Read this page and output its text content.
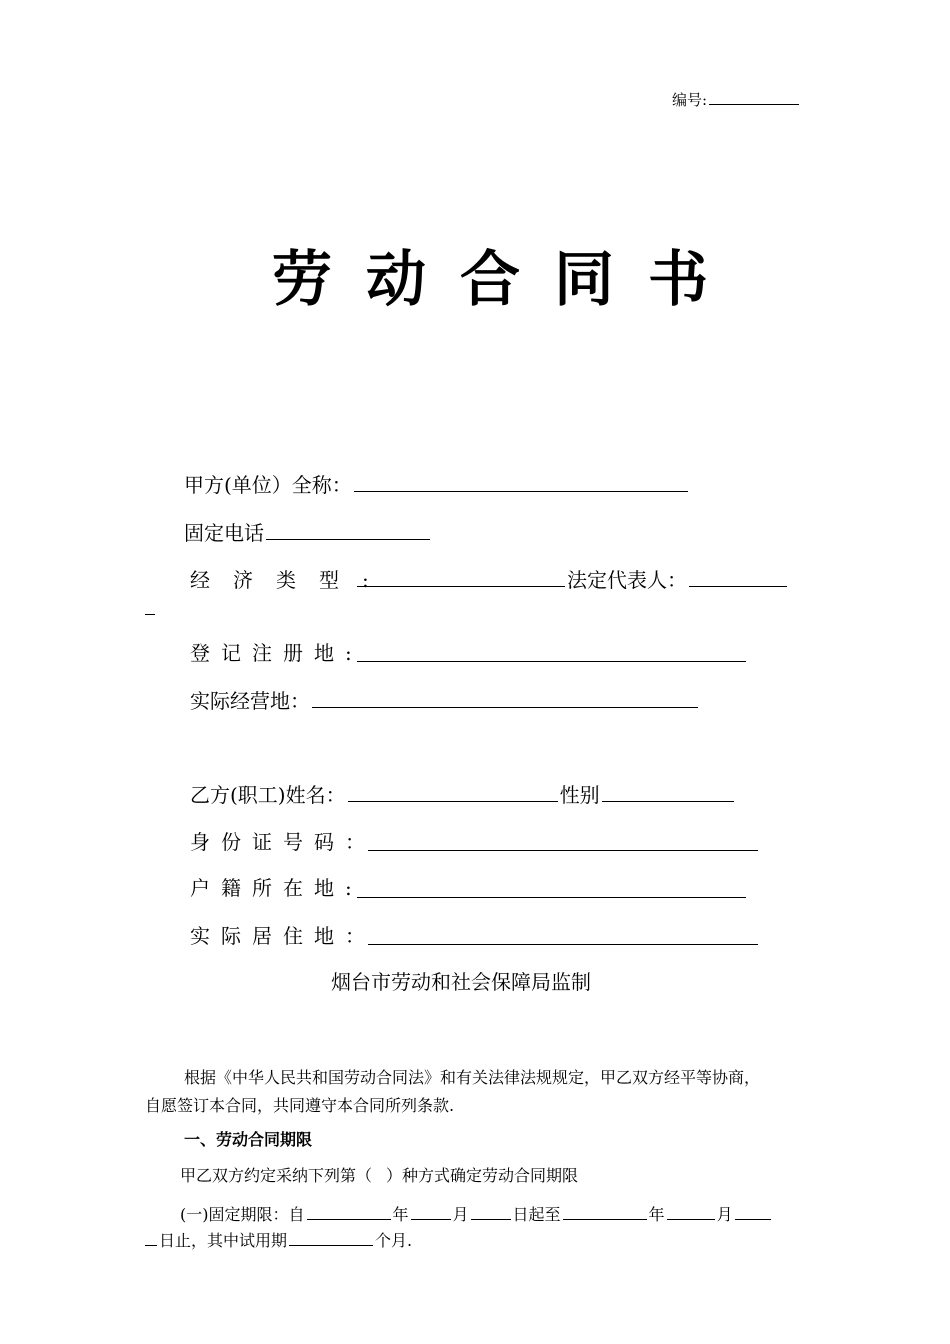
编号:
劳动合同书
甲方(单位）全称：
固定电话
经济类型:	法定代表人：
登记注册地:
实际经营地：
乙方(职工)姓名：	性别
身份证号码：
户籍所在地:
实际居住地：
烟台市劳动和社会保障局监制
根据《中华人民共和国劳动合同法》和有关法律法规规定，甲乙双方经平等协商，
自愿签订本合同，共同遵守本合同所列条款.
一、劳动合同期限
甲乙双方约定采纳下列第（ ）种方式确定劳动合同期限
(一)固定期限：自	年	月	日起至	年	月
日止，其中试用期	个月.
